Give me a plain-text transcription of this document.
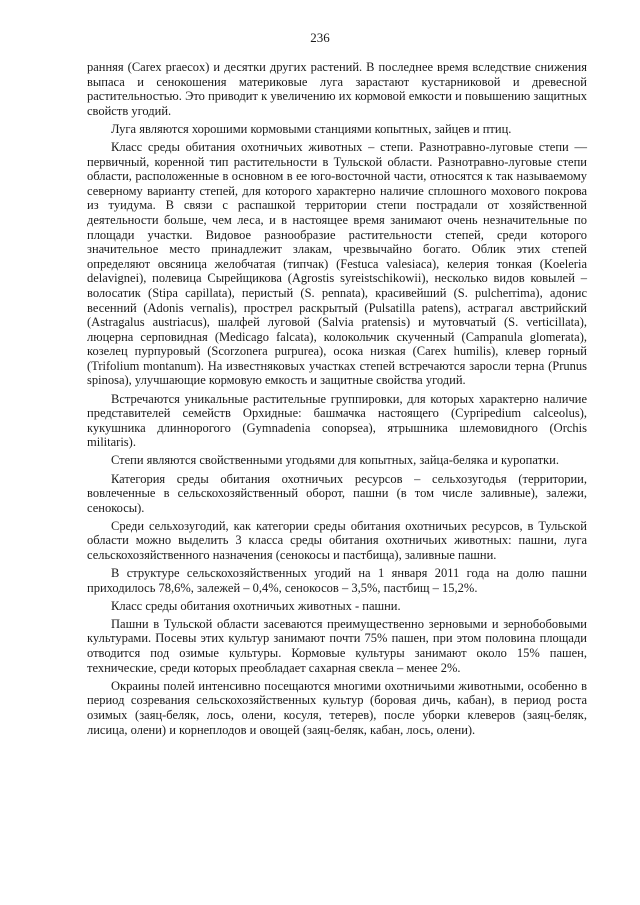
236

ранняя (Carex praecox) и десятки других растений. В последнее время вследствие снижения выпаса и сенокошения материковые луга зарастают кустарниковой и древесной растительностью. Это приводит к увеличению их кормовой емкости и повышению защитных свойств угодий.

Луга являются хорошими кормовыми станциями копытных, зайцев и птиц.

Класс среды обитания охотничьих животных – степи. Разнотравно-луговые степи — первичный, коренной тип растительности в Тульской области. Разнотравно-луговые степи области, расположенные в основном в ее юго-восточной части, относятся к так называемому северному варианту степей, для которого характерно наличие сплошного мохового покрова из туидума. В связи с распашкой территории степи пострадали от хозяйственной деятельности больше, чем леса, и в настоящее время занимают очень незначительные по площади участки. Видовое разнообразие растительности степей, среди которого значительное место принадлежит злакам, чрезвычайно богато. Облик этих степей определяют овсяница желобчатая (типчак) (Festuca valesiaca), келерия тонкая (Koeleria delavignei), полевица Сырейщикова (Agrostis syreistschikowii), несколько видов ковылей – волосатик (Stipa capillata), перистый (S. pennata), красивейший (S. pulcherrima), адонис весенний (Adonis vernalis), прострел раскрытый (Pulsatilla patens), астрагал австрийский (Astragalus austriacus), шалфей луговой (Salvia pratensis) и мутовчатый (S. verticillata), люцерна серповидная (Medicago falcata), колокольчик скученный (Campanula glomerata), козелец пурпуровый (Scorzonera purpurea), осока низкая (Carex humilis), клевер горный (Trifolium montanum). На известняковых участках степей встречаются заросли терна (Prunus spinosa), улучшающие кормовую емкость и защитные свойства угодий.

Встречаются уникальные растительные группировки, для которых характерно наличие представителей семейств Орхидные: башмачка настоящего (Cypripedium calceolus), кукушника длиннорогого (Gymnadenia conopsea), ятрышника шлемовидного (Orchis militaris).

Степи являются свойственными угодьями для копытных, зайца-беляка и куропатки.

Категория среды обитания охотничьих ресурсов – сельхозугодья (территории, вовлеченные в сельскохозяйственный оборот, пашни (в том числе заливные), залежи, сенокосы).

Среди сельхозугодий, как категории среды обитания охотничьих ресурсов, в Тульской области можно выделить 3 класса среды обитания охотничьих животных: пашни, луга сельскохозяйственного назначения (сенокосы и пастбища), заливные пашни.

В структуре сельскохозяйственных угодий на 1 января 2011 года на долю пашни приходилось 78,6%, залежей – 0,4%, сенокосов – 3,5%, пастбищ – 15,2%.

Класс среды обитания охотничьих животных - пашни.

Пашни в Тульской области засеваются преимущественно зерновыми и зернобобовыми культурами. Посевы этих культур занимают почти 75% пашен, при этом половина площади отводится под озимые культуры. Кормовые культуры занимают около 15% пашен, технические, среди которых преобладает сахарная свекла – менее 2%.

Окраины полей интенсивно посещаются многими охотничьими животными, особенно в период созревания сельскохозяйственных культур (боровая дичь, кабан), в период роста озимых (заяц-беляк, лось, олени, косуля, тетерев), после уборки клеверов (заяц-беляк, лисица, олени) и корнеплодов и овощей (заяц-беляк, кабан, лось, олени).
